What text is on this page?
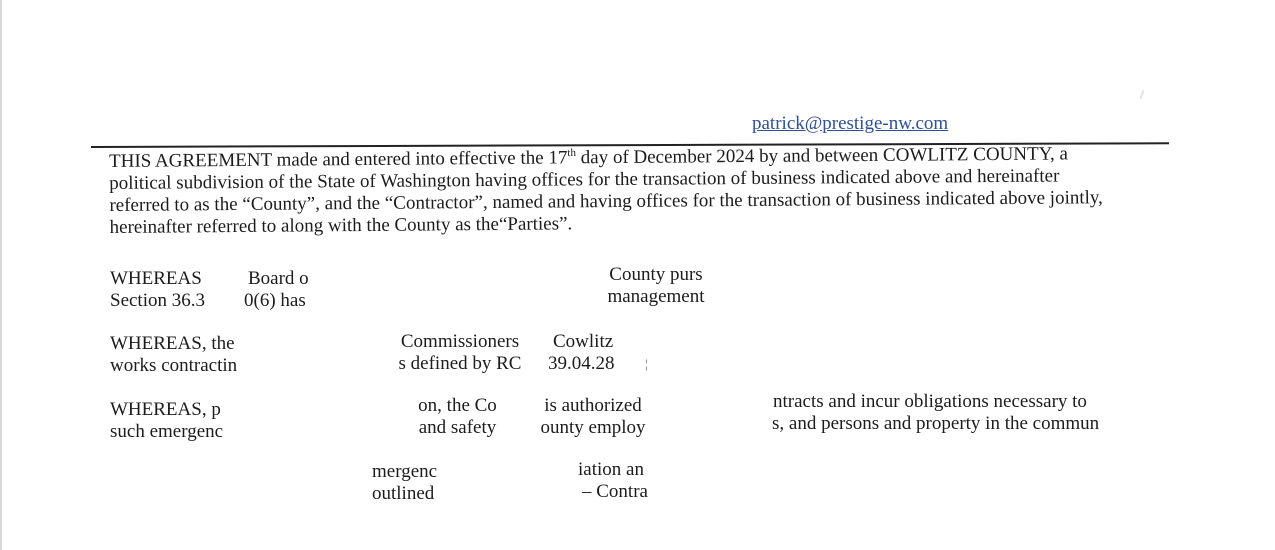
patrick@prestige-nw.com
THIS AGREEMENT made and entered into effective the 17th day of December 2024 by and between COWLITZ COUNTY, a
political subdivision of the State of Washington having offices for the transaction of business indicated above and hereinafter
referred to as the “County”, and the “Contractor”, named and having offices for the transaction of business indicated above jointly,
hereinafter referred to along with the County as the“Parties”.
WHEREAS
Section 36.3
Board o
0(6) has
County purs
management
WHEREAS, the
works contractin
Commissioners
s defined by RC
Cowlitz
39.04.28 ¦
WHEREAS, p
such emergenc
on, the Co
and safety
is authorized
ounty employ
ntracts and incur obligations necessary to
s, and persons and property in the commun
mergenc
outlined
iation an
– Contra
